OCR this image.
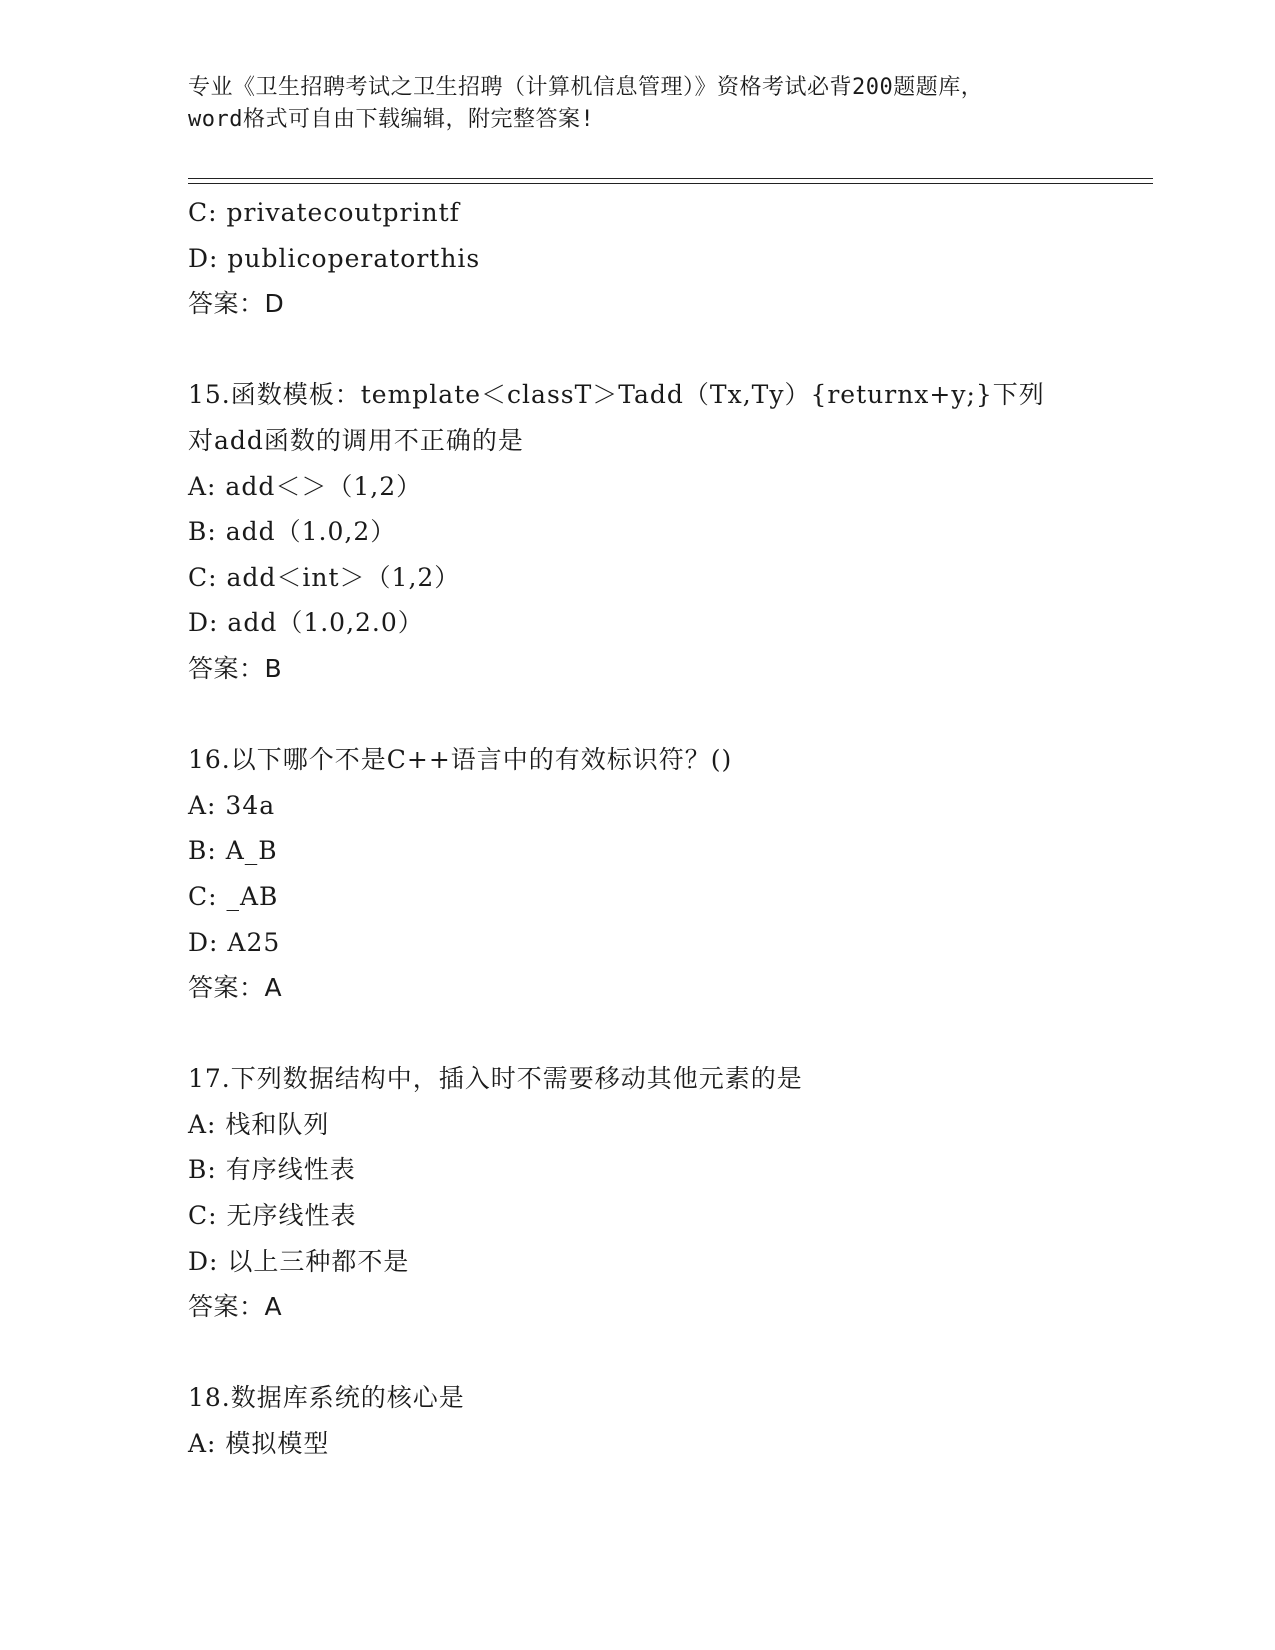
专业《卫生招聘考试之卫生招聘（计算机信息管理）》资格考试必背200题题库，
word格式可自由下载编辑，附完整答案!
C: privatecoutprintf
D: publicoperatorthis
答案：D
15.函数模板：template＜classT＞Tadd（Tx,Ty）{returnx+y;}下列
对add函数的调用不正确的是
A: add＜＞（1,2）
B: add（1.0,2）
C: add＜int＞（1,2）
D: add（1.0,2.0）
答案：B
16.以下哪个不是C++语言中的有效标识符？()
A: 34a
B: A_B
C: _AB
D: A25
答案：A
17.下列数据结构中，插入时不需要移动其他元素的是
A: 栈和队列
B: 有序线性表
C: 无序线性表
D: 以上三种都不是
答案：A
18.数据库系统的核心是
A: 模拟模型
